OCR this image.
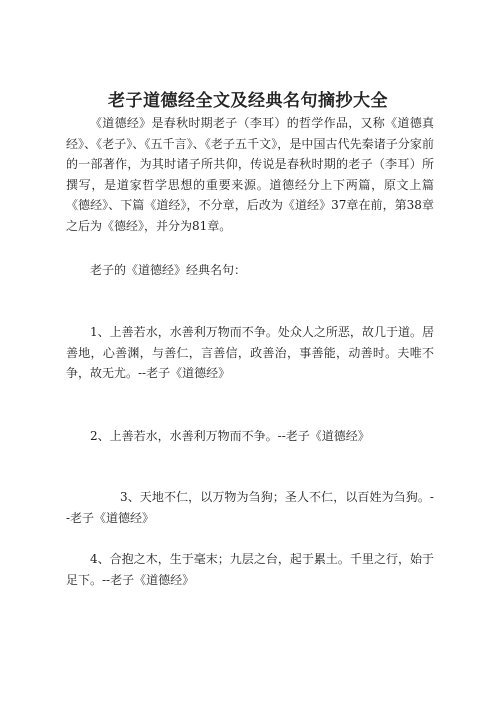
老子道德经全文及经典名句摘抄大全

《道德经》是春秋时期老子（李耳）的哲学作品，又称《道德真经》、《老子》、《五千言》、《老子五千文》，是中国古代先秦诸子分家前的一部著作，为其时诸子所共仰，传说是春秋时期的老子（李耳）所撰写，是道家哲学思想的重要来源。道德经分上下两篇，原文上篇《德经》、下篇《道经》，不分章，后改为《道经》37章在前，第38章之后为《德经》，并分为81章。

老子的《道德经》经典名句：

1、上善若水，水善利万物而不争。处众人之所恶，故几于道。居善地，心善渊，与善仁，言善信，政善治，事善能，动善时。夫唯不争，故无尤。--老子《道德经》

2、上善若水，水善利万物而不争。--老子《道德经》

3、天地不仁，以万物为刍狗；圣人不仁，以百姓为刍狗。--老子《道德经》

4、合抱之木，生于毫末；九层之台，起于累土。千里之行，始于足下。--老子《道德经》
